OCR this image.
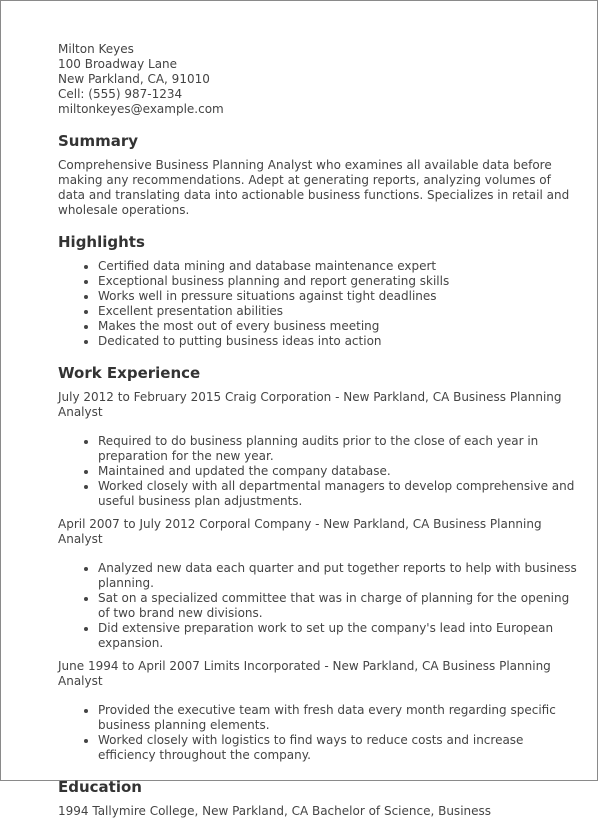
Milton Keyes
100 Broadway Lane
New Parkland, CA, 91010
Cell: (555) 987-1234
miltonkeyes@example.com
Summary

Comprehensive Business Planning Analyst who examines all available data before making any recommendations. Adept at generating reports, analyzing volumes of data and translating data into actionable business functions. Specializes in retail and wholesale operations.

Highlights
• Certified data mining and database maintenance expert
• Exceptional business planning and report generating skills
• Works well in pressure situations against tight deadlines
• Excellent presentation abilities
• Makes the most out of every business meeting
• Dedicated to putting business ideas into action
Work Experience

July 2012 to February 2015 Craig Corporation - New Parkland, CA Business Planning Analyst

• Required to do business planning audits prior to the close of each year in preparation for the new year.
• Maintained and updated the company database.
• Worked closely with all departmental managers to develop comprehensive and useful business plan adjustments.

April 2007 to July 2012 Corporal Company - New Parkland, CA Business Planning Analyst

• Analyzed new data each quarter and put together reports to help with business planning.
• Sat on a specialized committee that was in charge of planning for the opening of two brand new divisions.
• Did extensive preparation work to set up the company's lead into European expansion.

June 1994 to April 2007 Limits Incorporated - New Parkland, CA Business Planning Analyst

• Provided the executive team with fresh data every month regarding specific business planning elements.
• Worked closely with logistics to find ways to reduce costs and increase efficiency throughout the company.
Education

1994 Tallymire College, New Parkland, CA Bachelor of Science, Business
